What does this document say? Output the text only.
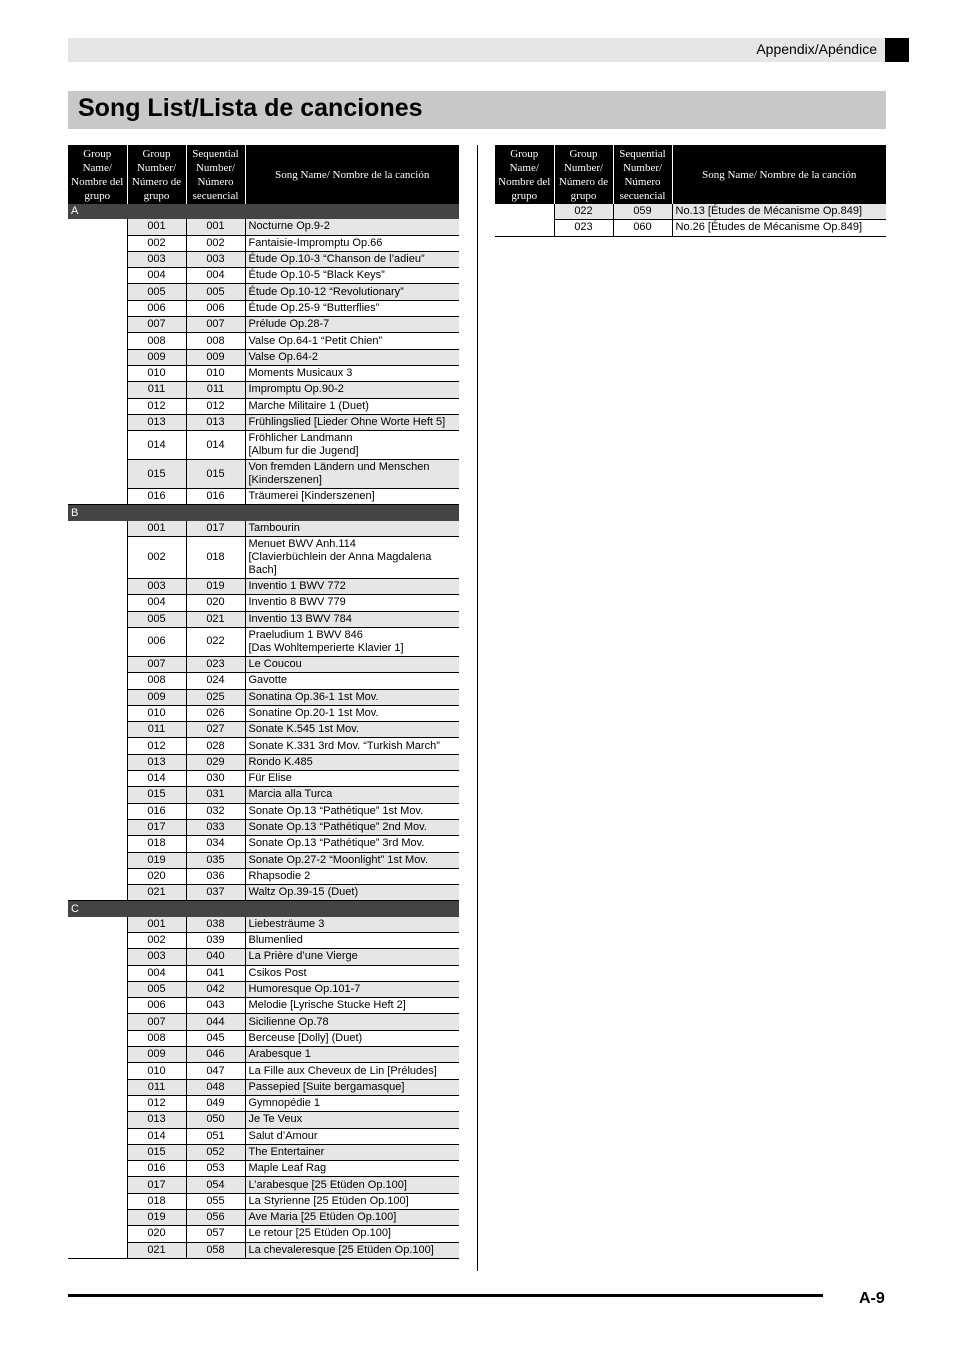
Appendix/Apéndice
Song List/Lista de canciones
Group Name/ Nombre del grupo	Group Number/ Número de grupo	Sequential Number/ Número secuencial	Song Name/ Nombre de la canción
A			
	001	001	Nocturne Op.9-2
	002	002	Fantaisie-Impromptu Op.66
	003	003	Étude Op.10-3 “Chanson de l’adieu”
	004	004	Étude Op.10-5 “Black Keys”
	005	005	Étude Op.10-12 “Revolutionary”
	006	006	Étude Op.25-9 “Butterflies”
	007	007	Prélude Op.28-7
	008	008	Valse Op.64-1 “Petit Chien”
	009	009	Valse Op.64-2
	010	010	Moments Musicaux 3
	011	011	Impromptu Op.90-2
	012	012	Marche Militaire 1 (Duet)
	013	013	Frühlingslied [Lieder Ohne Worte Heft 5]
	014	014	Fröhlicher Landmann
[Album fur die Jugend]
	015	015	Von fremden Ländern und Menschen
[Kinderszenen]
	016	016	Träumerei [Kinderszenen]
B			
	001	017	Tambourin
	002	018	Menuet BWV Anh.114
[Clavierbüchlein der Anna Magdalena
Bach]
	003	019	Inventio 1 BWV 772
	004	020	Inventio 8 BWV 779
	005	021	Inventio 13 BWV 784
	006	022	Praeludium 1 BWV 846
[Das Wohltemperierte Klavier 1]
	007	023	Le Coucou
	008	024	Gavotte
	009	025	Sonatina Op.36-1 1st Mov.
	010	026	Sonatine Op.20-1 1st Mov.
	011	027	Sonate K.545 1st Mov.
	012	028	Sonate K.331 3rd Mov. “Turkish March”
	013	029	Rondo K.485
	014	030	Für Elise
	015	031	Marcia alla Turca
	016	032	Sonate Op.13 “Pathétique” 1st Mov.
	017	033	Sonate Op.13 “Pathétique” 2nd Mov.
	018	034	Sonate Op.13 “Pathétique” 3rd Mov.
	019	035	Sonate Op.27-2 “Moonlight” 1st Mov.
	020	036	Rhapsodie 2
	021	037	Waltz Op.39-15 (Duet)
C			
	001	038	Liebesträume 3
	002	039	Blumenlied
	003	040	La Prière d’une Vierge
	004	041	Csikos Post
	005	042	Humoresque Op.101-7
	006	043	Melodie [Lyrische Stucke Heft 2]
	007	044	Sicilienne Op.78
	008	045	Berceuse [Dolly] (Duet)
	009	046	Arabesque 1
	010	047	La Fille aux Cheveux de Lin [Préludes]
	011	048	Passepied [Suite bergamasque]
	012	049	Gymnopédie 1
	013	050	Je Te Veux
	014	051	Salut d’Amour
	015	052	The Entertainer
	016	053	Maple Leaf Rag
	017	054	L’arabesque [25 Etüden Op.100]
	018	055	La Styrienne [25 Etüden Op.100]
	019	056	Ave Maria [25 Etüden Op.100]
	020	057	Le retour [25 Etüden Op.100]
	021	058	La chevaleresque [25 Etüden Op.100]
Group Name/ Nombre del grupo	Group Number/ Número de grupo	Sequential Number/ Número secuencial	Song Name/ Nombre de la canción
	022	059	No.13 [Études de Mécanisme Op.849]
	023	060	No.26 [Études de Mécanisme Op.849]
A-9
